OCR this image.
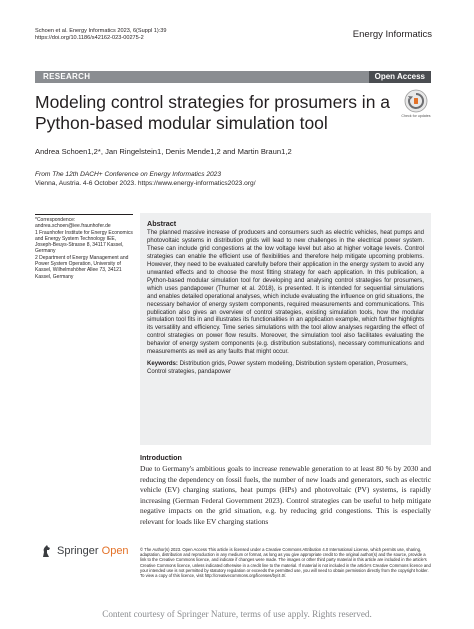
Schoen et al. Energy Informatics 2023, 6(Suppl 1):39
https://doi.org/10.1186/s42162-023-00275-2	Energy Informatics
RESEARCH	Open Access
Modeling control strategies for prosumers in a Python-based modular simulation tool	Check for updates
Andrea Schoen1,2*, Jan Ringelstein1, Denis Mende1,2 and Martin Braun1,2
From The 12th DACH+ Conference on Energy Informatics 2023
Vienna, Austria. 4-6 October 2023. https://www.energy-informatics2023.org/

*Correspondence:

andrea.schoen@iee.fraunhofer.de

1 Fraunhofer Institute for Energy Economics and Energy System Technology IEE, Joseph-Beuys-Strasse 8, 34117 Kassel, Germany

2 Department of Energy Management and Power System Operation, University of Kassel, Wilhelmshöher Allee 73, 34121 Kassel, Germany

Abstract
The planned massive increase of producers and consumers such as electric vehicles, heat pumps and photovoltaic systems in distribution grids will lead to new challenges in the electrical power system. These can include grid congestions at the low voltage level but also at higher voltage levels. Control strategies can enable the efficient use of flexibilities and therefore help mitigate upcoming problems. However, they need to be evaluated carefully before their application in the energy system to avoid any unwanted effects and to choose the most fitting strategy for each application. In this publication, a Python-based modular simulation tool for developing and analysing control strategies for prosumers, which uses pandapower (Thurner et al. 2018), is presented. It is intended for sequential simulations and enables detailed operational analyses, which include evaluating the influence on grid situations, the necessary behavior of energy system components, required measurements and communications. This publication also gives an overview of control strategies, existing simulation tools, how the modular simulation tool fits in and illustrates its functionalities in an application example, which further highlights its versatility and efficiency. Time series simulations with the tool allow analyses regarding the effect of control strategies on power flow results. Moreover, the simulation tool also facilitates evaluating the behavior of energy system components (e.g. distribution substations), necessary communications and measurements as well as any faults that might occur.
Keywords: Distribution grids, Power system modeling, Distribution system operation, Prosumers, Control strategies, pandapower
Introduction
Due to Germany's ambitious goals to increase renewable generation to at least 80 % by 2030 and reducing the dependency on fossil fuels, the number of new loads and generators, such as electric vehicle (EV) charging stations, heat pumps (HPs) and photovoltaic (PV) systems, is rapidly increasing (German Federal Government 2023). Control strategies can be useful to help mitigate negative impacts on the grid situation, e.g. by reducing grid congestions. This is especially relevant for loads like EV charging stations
Springer Open	© The Author(s) 2023. Open Access This article is licensed under a Creative Commons Attribution 4.0 International License, which permits use, sharing, adaptation, distribution and reproduction in any medium or format, as long as you give appropriate credit to the original author(s) and the source, provide a link to the Creative Commons licence, and indicate if changes were made. The images or other third party material in this article are included in the article's Creative Commons licence, unless indicated otherwise in a credit line to the material. If material is not included in the article's Creative Commons licence and your intended use is not permitted by statutory regulation or exceeds the permitted use, you will need to obtain permission directly from the copyright holder. To view a copy of this licence, visit http://creativecommons.org/licenses/by/4.0/.
Content courtesy of Springer Nature, terms of use apply. Rights reserved.
